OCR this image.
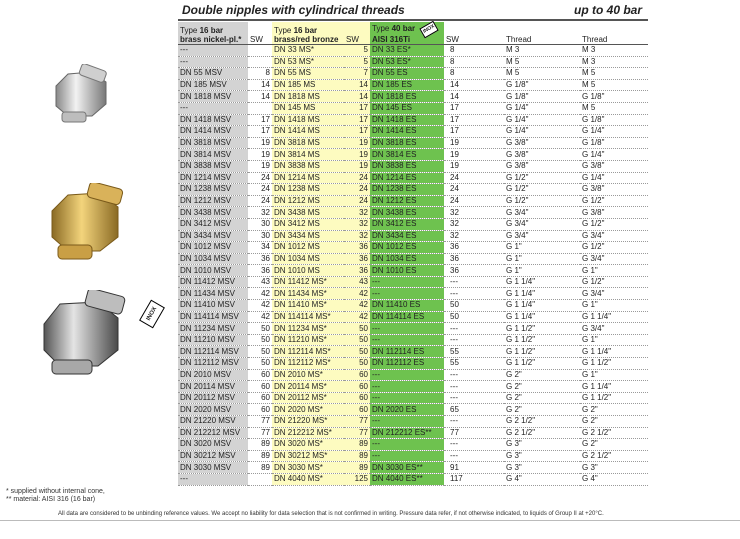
Double nipples with cylindrical threads	up to 40 bar
INOX
Type 16 bar
brass nickel-pl.*	SW	Type 16 bar
brass/red bronze	SW	Type 40 bar INOX
AISI 316Ti	SW	Thread	Thread
---		DN 33 MS*	5	DN 33 ES*	8	M 3	M 3
---		DN 53 MS*	5	DN 53 ES*	8	M 5	M 3
DN 55 MSV	8	DN 55 MS	7	DN 55 ES	8	M 5	M 5
DN 185 MSV	14	DN 185 MS	14	DN 185 ES	14	G 1/8"	M 5
DN 1818 MSV	14	DN 1818 MS	14	DN 1818 ES	14	G 1/8"	G 1/8"
---		DN 145 MS	17	DN 145 ES	17	G 1/4"	M 5
DN 1418 MSV	17	DN 1418 MS	17	DN 1418 ES	17	G 1/4"	G 1/8"
DN 1414 MSV	17	DN 1414 MS	17	DN 1414 ES	17	G 1/4"	G 1/4"
DN 3818 MSV	19	DN 3818 MS	19	DN 3818 ES	19	G 3/8"	G 1/8"
DN 3814 MSV	19	DN 3814 MS	19	DN 3814 ES	19	G 3/8"	G 1/4"
DN 3838 MSV	19	DN 3838 MS	19	DN 3838 ES	19	G 3/8"	G 3/8"
DN 1214 MSV	24	DN 1214 MS	24	DN 1214 ES	24	G 1/2"	G 1/4"
DN 1238 MSV	24	DN 1238 MS	24	DN 1238 ES	24	G 1/2"	G 3/8"
DN 1212 MSV	24	DN 1212 MS	24	DN 1212 ES	24	G 1/2"	G 1/2"
DN 3438 MSV	32	DN 3438 MS	32	DN 3438 ES	32	G 3/4"	G 3/8"
DN 3412 MSV	30	DN 3412 MS	32	DN 3412 ES	32	G 3/4"	G 1/2"
DN 3434 MSV	30	DN 3434 MS	32	DN 3434 ES	32	G 3/4"	G 3/4"
DN 1012 MSV	34	DN 1012 MS	36	DN 1012 ES	36	G 1"	G 1/2"
DN 1034 MSV	36	DN 1034 MS	36	DN 1034 ES	36	G 1"	G 3/4"
DN 1010 MSV	36	DN 1010 MS	36	DN 1010 ES	36	G 1"	G 1"
DN 11412 MSV	43	DN 11412 MS*	43	---	---	G 1 1/4"	G 1/2"
DN 11434 MSV	42	DN 11434 MS*	42	---	---	G 1 1/4"	G 3/4"
DN 11410 MSV	42	DN 11410 MS*	42	DN 11410 ES	50	G 1 1/4"	G 1"
DN 114114 MSV	42	DN 114114 MS*	42	DN 114114 ES	50	G 1 1/4"	G 1 1/4"
DN 11234 MSV	50	DN 11234 MS*	50	---	---	G 1 1/2"	G 3/4"
DN 11210 MSV	50	DN 11210 MS*	50	---	---	G 1 1/2"	G 1"
DN 112114 MSV	50	DN 112114 MS*	50	DN 112114 ES	55	G 1 1/2"	G 1 1/4"
DN 112112 MSV	50	DN 112112 MS*	50	DN 112112 ES	55	G 1 1/2"	G 1 1/2"
DN 2010 MSV	60	DN 2010 MS*	60	---	---	G 2"	G 1"
DN 20114 MSV	60	DN 20114 MS*	60	---	---	G 2"	G 1 1/4"
DN 20112 MSV	60	DN 20112 MS*	60	---	---	G 2"	G 1 1/2"
DN 2020 MSV	60	DN 2020 MS*	60	DN 2020 ES	65	G 2"	G 2"
DN 21220 MSV	77	DN 21220 MS*	77	---	---	G 2 1/2"	G 2"
DN 212212 MSV	77	DN 212212 MS*	77	DN 212212 ES**	77	G 2 1/2"	G 2 1/2"
DN 3020 MSV	89	DN 3020 MS*	89	---	---	G 3"	G 2"
DN 30212 MSV	89	DN 30212 MS*	89	---	---	G 3"	G 2 1/2"
DN 3030 MSV	89	DN 3030 MS*	89	DN 3030 ES**	91	G 3"	G 3"
---		DN 4040 MS*	125	DN 4040 ES**	117	G 4"	G 4"
* supplied without internal cone,
** material: AISI 316 (16 bar)
All data are considered to be unbinding reference values. We accept no liability for data selection that is not confirmed in writing. Pressure data refer, if not otherwise indicated, to liquids of Group II at +20°C.
